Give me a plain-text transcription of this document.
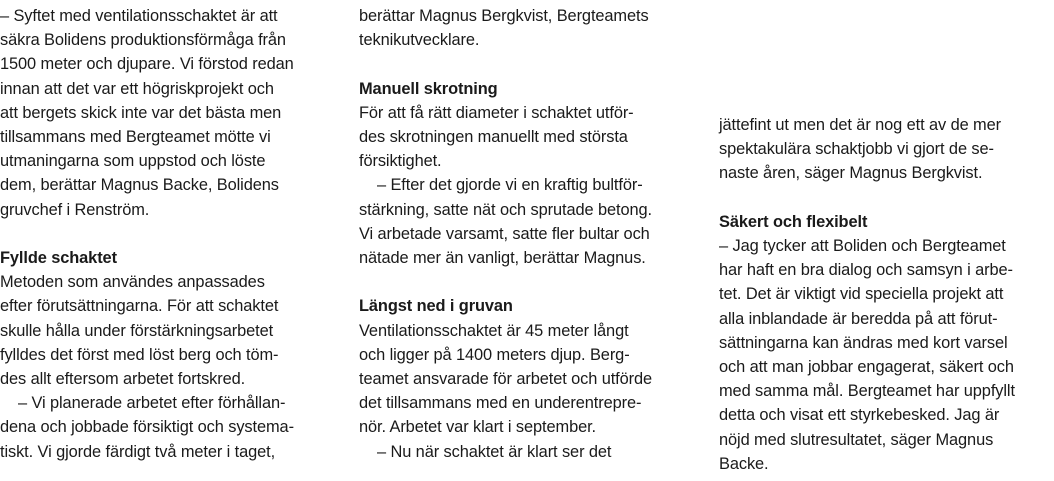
– Syftet med ventilationsschaktet är att
säkra Bolidens produktionsförmåga från
1500 meter och djupare. Vi förstod redan
innan att det var ett högriskprojekt och
att bergets skick inte var det bästa men
tillsammans med Bergteamet mötte vi
utmaningarna som uppstod och löste
dem, berättar Magnus Backe, Bolidens
gruvchef i Renström.
Fyllde schaktet
Metoden som användes anpassades
efter förutsättningarna. För att schaktet
skulle hålla under förstärkningsarbetet
fylldes det först med löst berg och töm-
des allt eftersom arbetet fortskred.
– Vi planerade arbetet efter förhållan-
dena och jobbade försiktigt och systema-
tiskt. Vi gjorde färdigt två meter i taget,
berättar Magnus Bergkvist, Bergteamets
teknikutvecklare.
Manuell skrotning
För att få rätt diameter i schaktet utför-
des skrotningen manuellt med största
försiktighet.
– Efter det gjorde vi en kraftig bultför-
stärkning, satte nät och sprutade betong.
Vi arbetade varsamt, satte fler bultar och
nätade mer än vanligt, berättar Magnus.
Längst ned i gruvan
Ventilationsschaktet är 45 meter långt
och ligger på 1400 meters djup. Berg-
teamet ansvarade för arbetet och utförde
det tillsammans med en underentrepre-
nör. Arbetet var klart i september.
– Nu när schaktet är klart ser det
jättefint ut men det är nog ett av de mer
spektakulära schaktjobb vi gjort de se-
naste åren, säger Magnus Bergkvist.
Säkert och flexibelt
– Jag tycker att Boliden och Bergteamet
har haft en bra dialog och samsyn i arbe-
tet. Det är viktigt vid speciella projekt att
alla inblandade är beredda på att förut-
sättningarna kan ändras med kort varsel
och att man jobbar engagerat, säkert och
med samma mål. Bergteamet har uppfyllt
detta och visat ett styrkebesked. Jag är
nöjd med slutresultatet, säger Magnus
Backe.
